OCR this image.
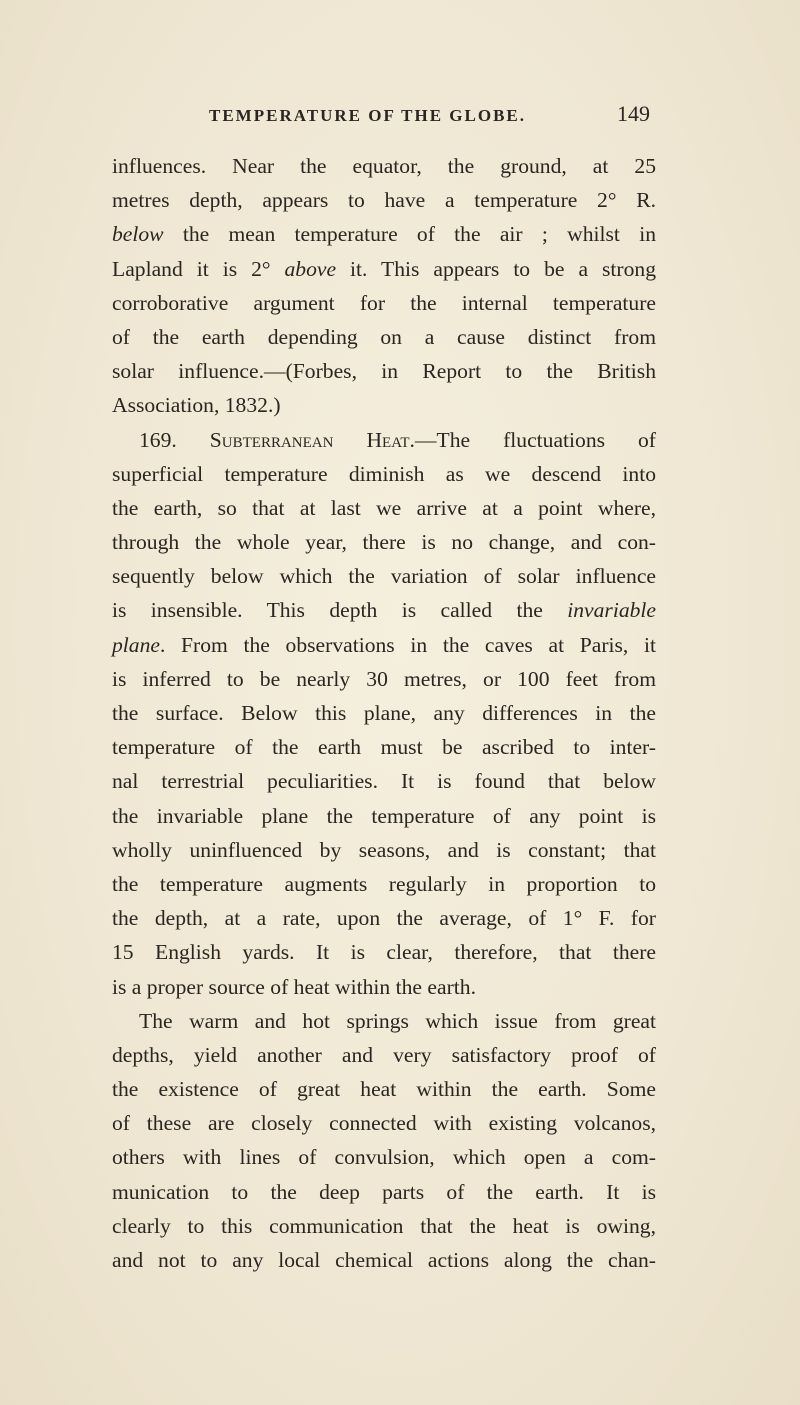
TEMPERATURE OF THE GLOBE.	149
influences. Near the equator, the ground, at 25
metres depth, appears to have a temperature 2° R.
below the mean temperature of the air ; whilst in
Lapland it is 2° above it. This appears to be a strong
corroborative argument for the internal temperature
of the earth depending on a cause distinct from
solar influence.—(Forbes, in Report to the British
Association, 1832.)
169. Subterranean Heat.—The fluctuations of
superficial temperature diminish as we descend into
the earth, so that at last we arrive at a point where,
through the whole year, there is no change, and con-
sequently below which the variation of solar influence
is insensible. This depth is called the invariable
plane. From the observations in the caves at Paris, it
is inferred to be nearly 30 metres, or 100 feet from
the surface. Below this plane, any differences in the
temperature of the earth must be ascribed to inter-
nal terrestrial peculiarities. It is found that below
the invariable plane the temperature of any point is
wholly uninfluenced by seasons, and is constant; that
the temperature augments regularly in proportion to
the depth, at a rate, upon the average, of 1° F. for
15 English yards. It is clear, therefore, that there
is a proper source of heat within the earth.
The warm and hot springs which issue from great
depths, yield another and very satisfactory proof of
the existence of great heat within the earth. Some
of these are closely connected with existing volcanos,
others with lines of convulsion, which open a com-
munication to the deep parts of the earth. It is
clearly to this communication that the heat is owing,
and not to any local chemical actions along the chan-
